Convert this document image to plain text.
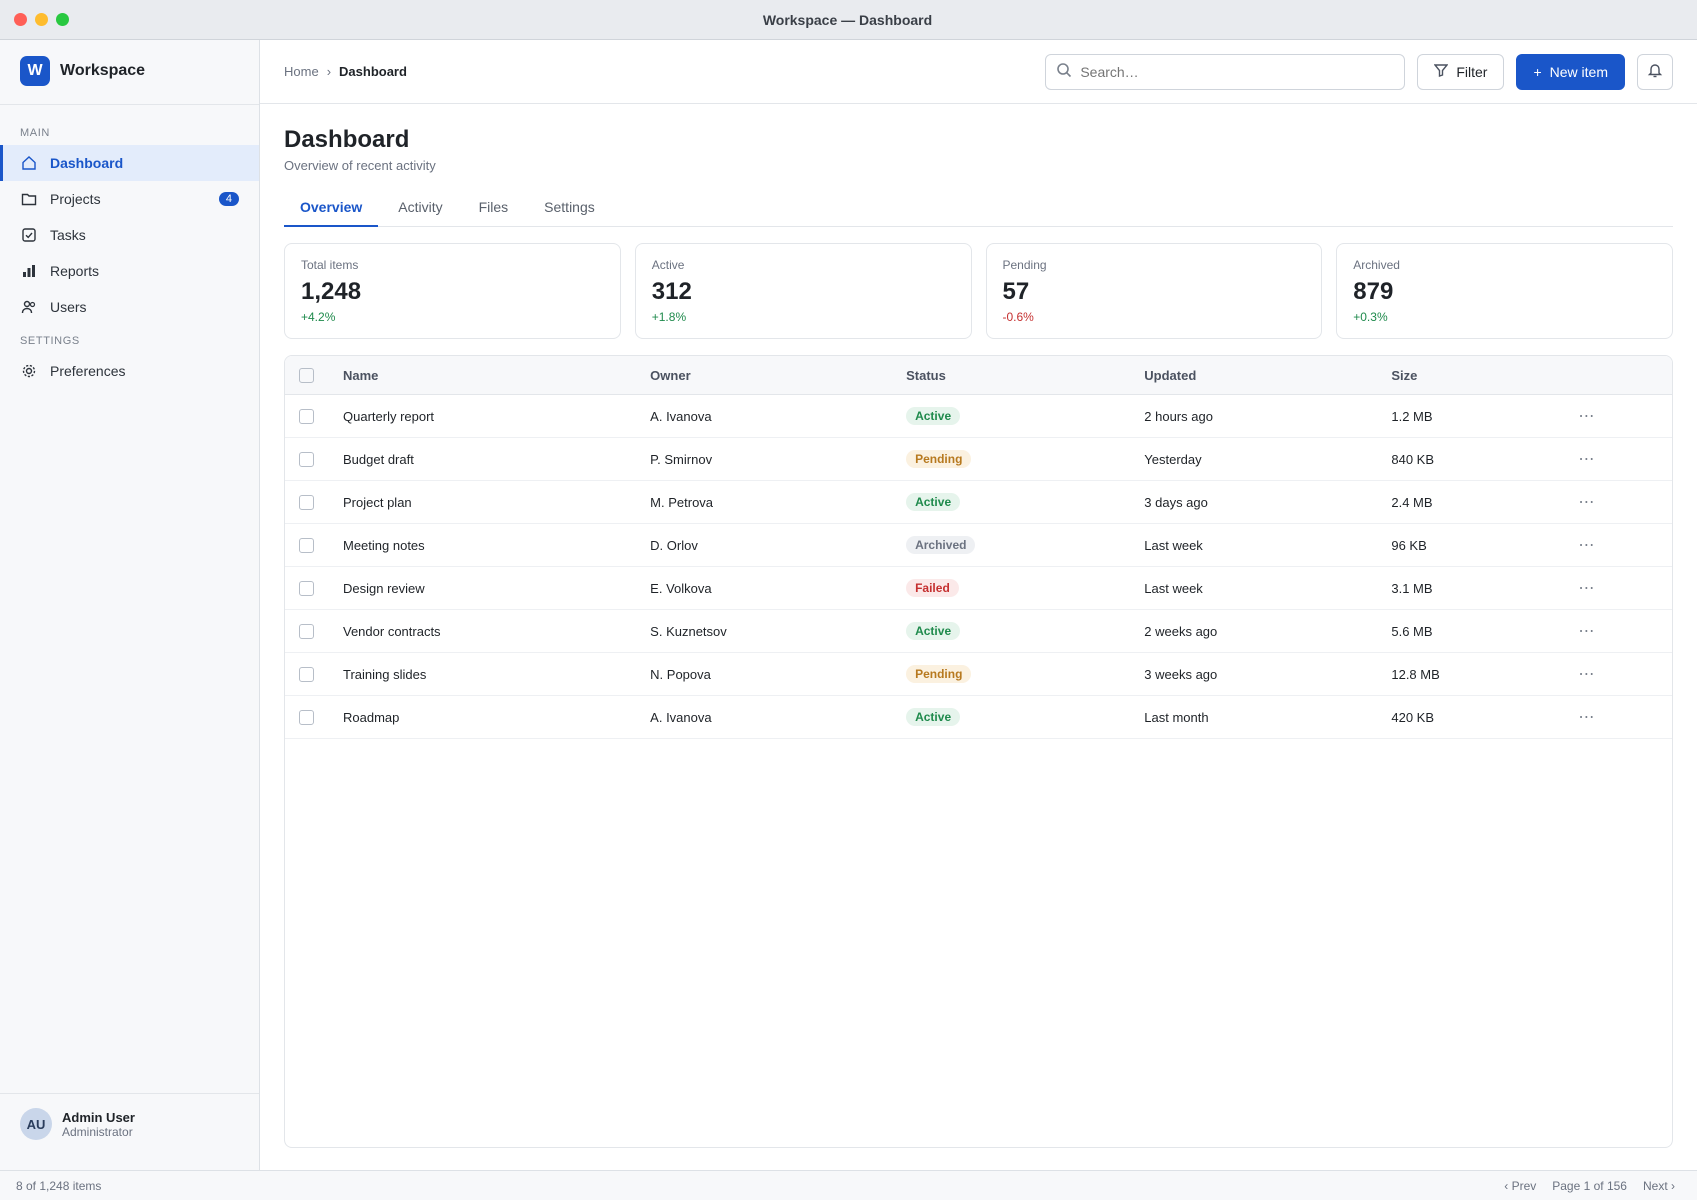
Workspace — Dashboard
W	Workspace
MAIN
Dashboard
Projects	4
Tasks
Reports
Users
SETTINGS
Preferences
AU	Admin User
Administrator
Home › Dashboard
Search…	Filter	+ New item
Dashboard
Overview of recent activity
Overview	Activity	Files	Settings
Total items
1,248
+4.2%
Active
312
+1.8%
Pending
57
-0.6%
Archived
879
+0.3%
	Name	Owner	Status	Updated	Size	
	Quarterly report	A. Ivanova	Active	2 hours ago	1.2 MB	⋯
	Budget draft	P. Smirnov	Pending	Yesterday	840 KB	⋯
	Project plan	M. Petrova	Active	3 days ago	2.4 MB	⋯
	Meeting notes	D. Orlov	Archived	Last week	96 KB	⋯
	Design review	E. Volkova	Failed	Last week	3.1 MB	⋯
	Vendor contracts	S. Kuznetsov	Active	2 weeks ago	5.6 MB	⋯
	Training slides	N. Popova	Pending	3 weeks ago	12.8 MB	⋯
	Roadmap	A. Ivanova	Active	Last month	420 KB	⋯
8 of 1,248 items	‹ Prev	Page 1 of 156	Next ›
